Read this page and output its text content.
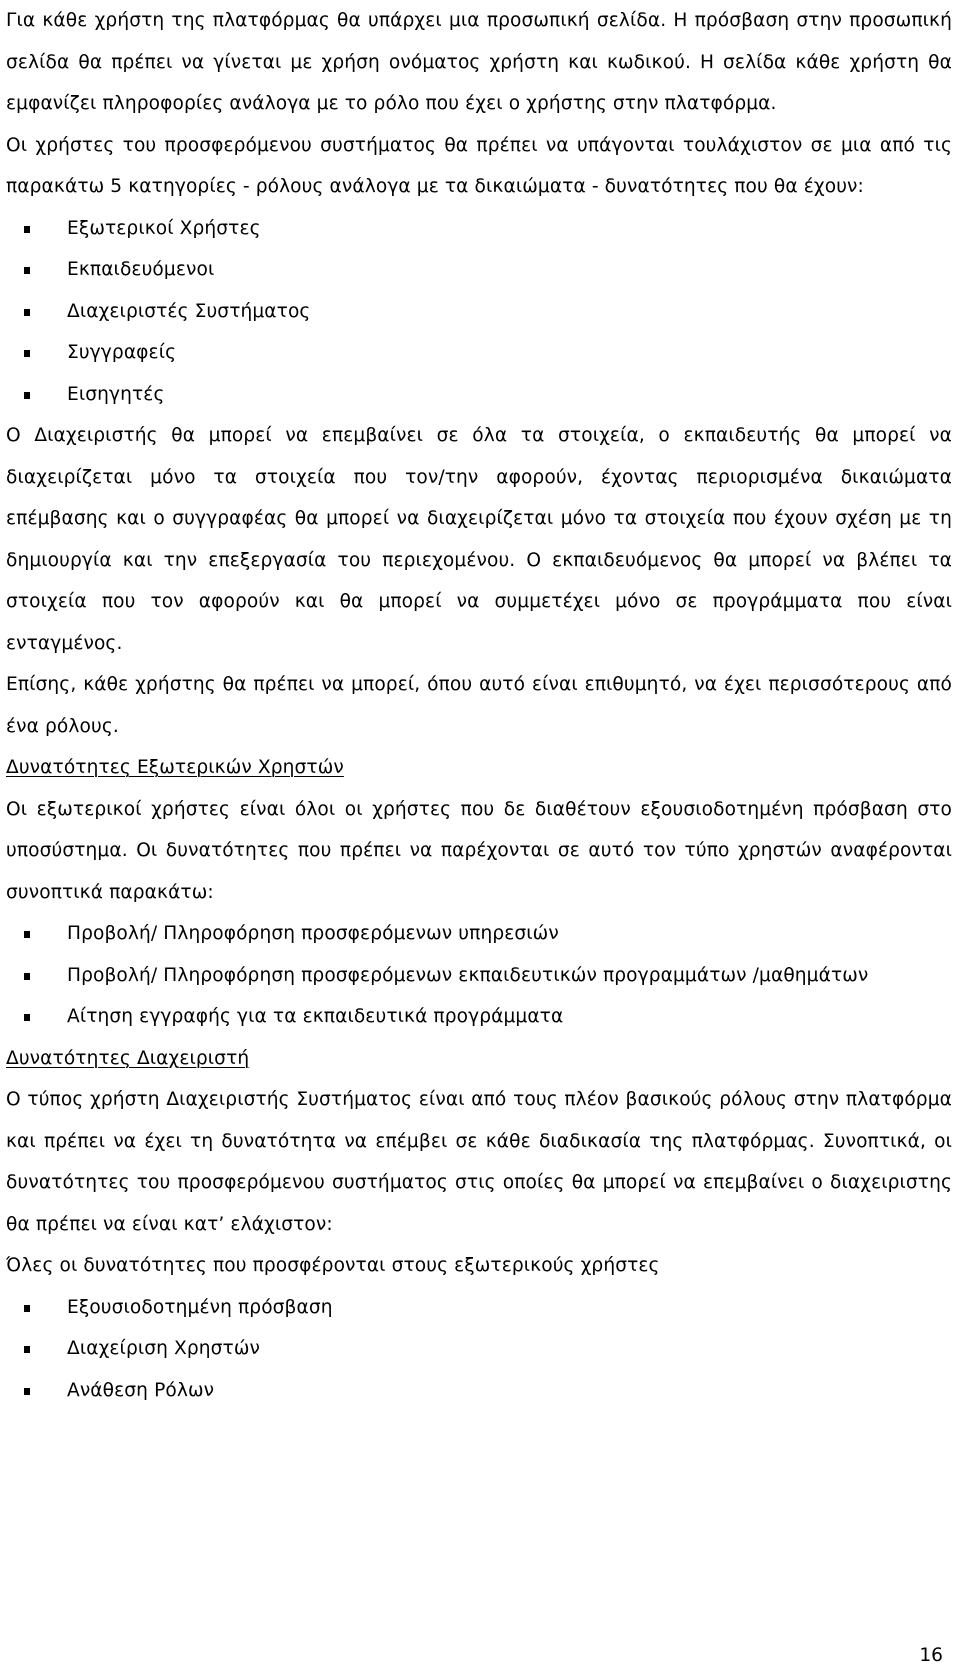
Για κάθε χρήστη της πλατφόρμας θα υπάρχει μια προσωπική σελίδα. Η πρόσβαση στην προσωπική σελίδα θα πρέπει να γίνεται με χρήση ονόματος χρήστη και κωδικού. Η σελίδα κάθε χρήστη θα εμφανίζει πληροφορίες ανάλογα με το ρόλο που έχει ο χρήστης στην πλατφόρμα.

Οι χρήστες του προσφερόμενου συστήματος θα πρέπει να υπάγονται τουλάχιστον σε μια από τις παρακάτω 5 κατηγορίες - ρόλους ανάλογα με τα δικαιώματα - δυνατότητες που θα έχουν:

Εξωτερικοί Χρήστες
Εκπαιδευόμενοι
Διαχειριστές Συστήματος
Συγγραφείς
Εισηγητές

Ο Διαχειριστής θα μπορεί να επεμβαίνει σε όλα τα στοιχεία, ο εκπαιδευτής θα μπορεί να διαχειρίζεται μόνο τα στοιχεία που τον/την αφορούν, έχοντας περιορισμένα δικαιώματα επέμβασης και ο συγγραφέας θα μπορεί να διαχειρίζεται μόνο τα στοιχεία που έχουν σχέση με τη δημιουργία και την επεξεργασία του περιεχομένου. Ο εκπαιδευόμενος θα μπορεί να βλέπει τα στοιχεία που τον αφορούν και θα μπορεί να συμμετέχει μόνο σε προγράμματα που είναι ενταγμένος.

Επίσης, κάθε χρήστης θα πρέπει να μπορεί, όπου αυτό είναι επιθυμητό, να έχει περισσότερους από ένα ρόλους.

Δυνατότητες Εξωτερικών Χρηστών

Οι εξωτερικοί χρήστες είναι όλοι οι χρήστες που δε διαθέτουν εξουσιοδοτημένη πρόσβαση στο υποσύστημα. Οι δυνατότητες που πρέπει να παρέχονται σε αυτό τον τύπο χρηστών αναφέρονται συνοπτικά παρακάτω:

Προβολή/ Πληροφόρηση προσφερόμενων υπηρεσιών
Προβολή/ Πληροφόρηση προσφερόμενων εκπαιδευτικών προγραμμάτων /μαθημάτων
Αίτηση εγγραφής για τα εκπαιδευτικά προγράμματα
Δυνατότητες Διαχειριστή

Ο τύπος χρήστη Διαχειριστής Συστήματος είναι από τους πλέον βασικούς ρόλους στην πλατφόρμα και πρέπει να έχει τη δυνατότητα να επέμβει σε κάθε διαδικασία της πλατφόρμας. Συνοπτικά, οι δυνατότητες του προσφερόμενου συστήματος στις οποίες θα μπορεί να επεμβαίνει ο διαχειριστης θα πρέπει να είναι κατ’ ελάχιστον:

Όλες οι δυνατότητες που προσφέρονται στους εξωτερικούς χρήστες

Εξουσιοδοτημένη πρόσβαση
Διαχείριση Χρηστών
Ανάθεση Ρόλων
16
